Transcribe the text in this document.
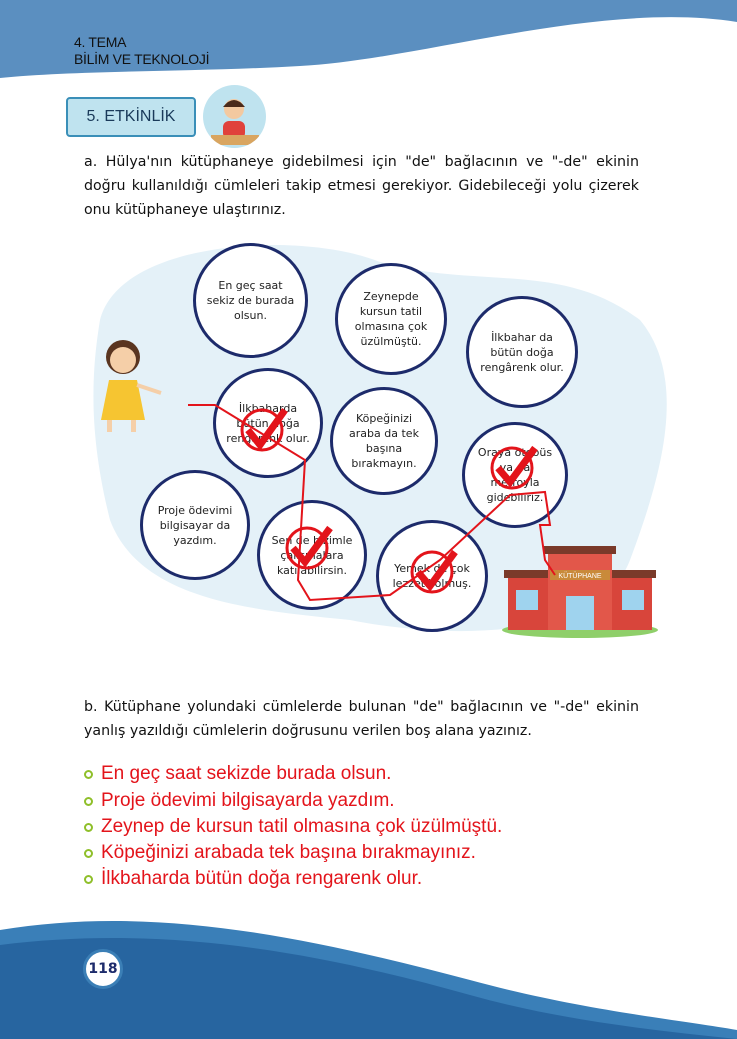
4. TEMA
BİLİM VE TEKNOLOJİ
5. ETKİNLİK
a. Hülya'nın kütüphaneye gidebilmesi için "de" bağlacının ve "-de" ekinin doğru kullanıldığı cümleleri takip etmesi gerekiyor. Gidebileceği yolu çizerek onu kütüphaneye ulaştırınız.
KÜTÜPHANE
En geç saat sekiz de burada olsun.
Zeynepde kursun tatil olmasına çok üzülmüştü.	İlkbahar da bütün doğa rengârenk olur.
İlkbaharda bütün doğa rengârenk olur.
Köpeğinizi araba da tek başına bırakmayın.
Oraya otobüs ya da metroyla gidebiliriz.
Proje ödevimi bilgisayar da yazdım.	Sen de bizimle çalışmalara katılabilirsin.	Yemek de çok lezzetli olmuş.
b. Kütüphane yolundaki cümlelerde bulunan "de" bağlacının ve "-de" ekinin yanlış yazıldığı cümlelerin doğrusunu verilen boş alana yazınız.
En geç saat sekizde burada olsun.
Proje ödevimi bilgisayarda yazdım.
Zeynep de kursun tatil olmasına çok üzülmüştü.
Köpeğinizi arabada tek başına bırakmayınız.
İlkbaharda bütün doğa rengarenk olur.
118
